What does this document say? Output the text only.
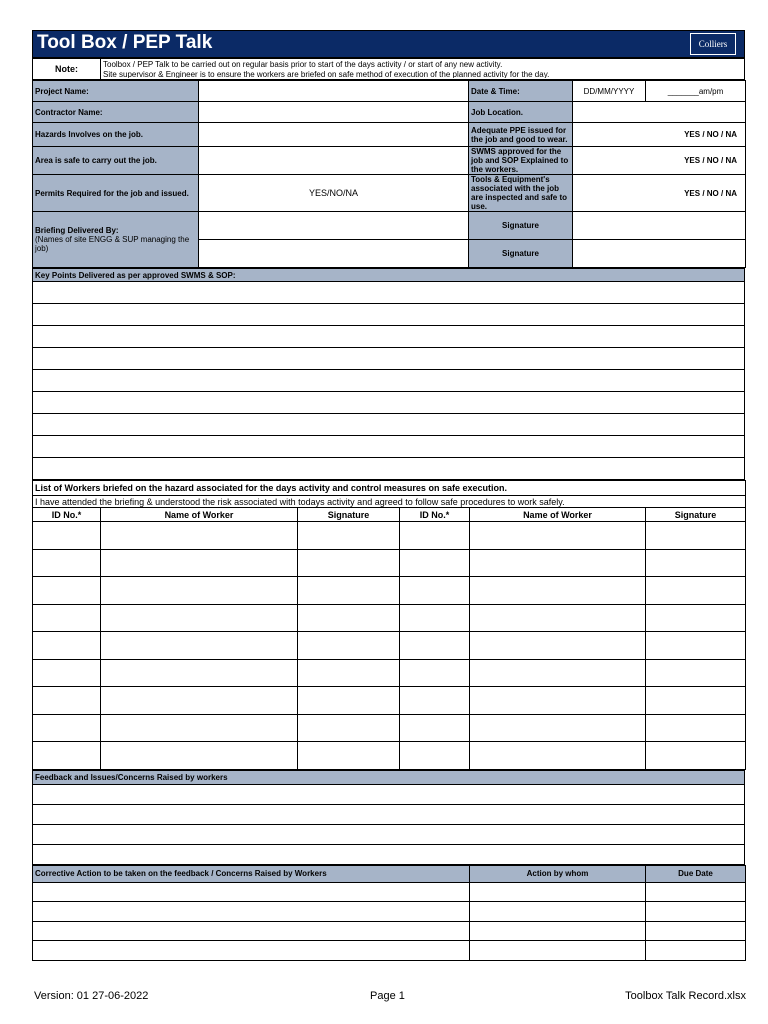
Tool Box / PEP Talk	Colliers
Note:	Toolbox / PEP Talk to be carried out on regular basis prior to start of the days activity / or start of any new activity.
Site supervisor & Engineer is to ensure the workers are briefed on safe method of execution of the planned activity for the day.
Project Name:		Date & Time:	DD/MM/YYYY	_______am/pm
Contractor Name:		Job Location.		
Hazards Involves on the job.		Adequate PPE issued for the job and good to wear.	YES / NO / NA	
Area is safe to carry out the job.		SWMS approved for the job and SOP Explained to the workers.	YES / NO / NA	
Permits Required for the job and issued.	YES/NO/NA	Tools & Equipment's associated with the job are inspected and safe to use.	YES / NO / NA	

Briefing Delivered By:
(Names of site ENGG & SUP managing the job)		Signature		
		Signature		
Key Points Delivered as per approved SWMS & SOP:

List of Workers briefed on the hazard associated for the days activity and control measures on safe execution.					
I have attended the briefing & understood the risk associated with todays activity and agreed to follow safe procedures to work safely.					
ID No.*	Name of Worker	Signature	ID No.*	Name of Worker	Signature

Feedback and Issues/Concerns Raised by workers

Corrective Action to be taken on the feedback / Concerns Raised by Workers	Action by whom	Due Date

Version: 01 27-06-2022	Page 1	Toolbox Talk Record.xlsx
